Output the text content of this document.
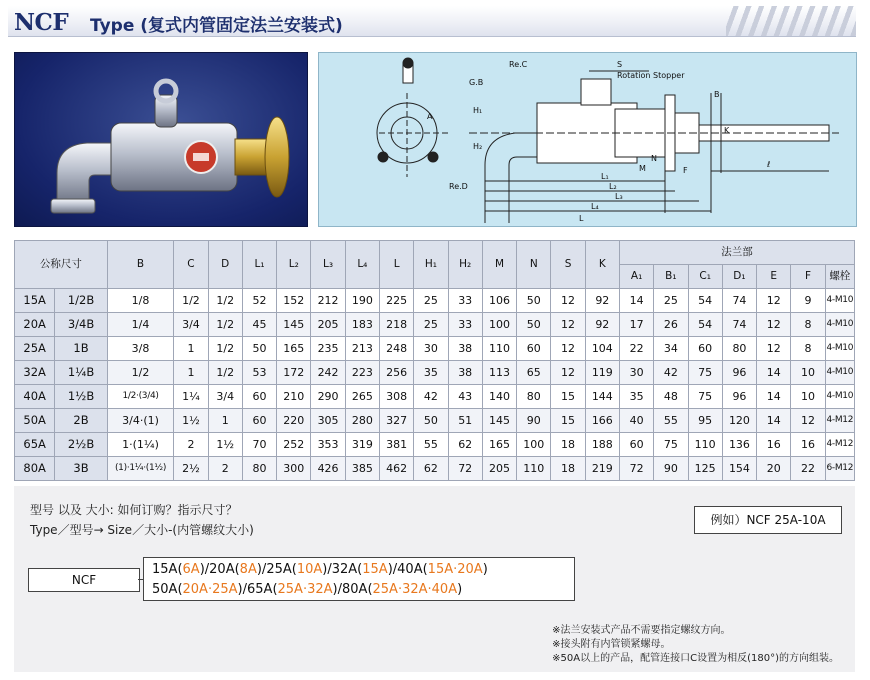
NCF Type (复式内管固定法兰安装式)
S
Rotation Stopper
Re.C
G.B
H₁
H₂
A
Re.D
B
K
M
N
F
L₁
L₂
L₃
L₄
L
ℓ
公称尺寸		B	C	D	L₁	L₂	L₃	L₄	L	H₁	H₂	M	N	S	K	法兰部						
																A₁	B₁	C₁	D₁	E	F	螺栓
15A	1/2B	1/8	1/2	1/2	52	152	212	190	225	25	33	106	50	12	92	14	25	54	74	12	9	4-M10
20A	3/4B	1/4	3/4	1/2	45	145	205	183	218	25	33	100	50	12	92	17	26	54	74	12	8	4-M10
25A	1B	3/8	1	1/2	50	165	235	213	248	30	38	110	60	12	104	22	34	60	80	12	8	4-M10
32A	1¼B	1/2	1	1/2	53	172	242	223	256	35	38	113	65	12	119	30	42	75	96	14	10	4-M10
40A	1½B	1/2·(3/4)	1¼	3/4	60	210	290	265	308	42	43	140	80	15	144	35	48	75	96	14	10	4-M10
50A	2B	3/4·(1)	1½	1	60	220	305	280	327	50	51	145	90	15	166	40	55	95	120	14	12	4-M12
65A	2½B	1·(1¼)	2	1½	70	252	353	319	381	55	62	165	100	18	188	60	75	110	136	16	16	4-M12
80A	3B	(1)·1¼·(1½)	2½	2	80	300	426	385	462	62	72	205	110	18	219	72	90	125	154	20	22	6-M12
型号 以及 大小: 如何订购？指示尺寸？
Type／型号→ Size／大小-(内管螺纹大小)
例如）NCF 25A-10A
NCF
15A(6A)/20A(8A)/25A(10A)/32A(15A)/40A(15A·20A)
50A(20A·25A)/65A(25A·32A)/80A(25A·32A·40A)
※法兰安装式产品不需要指定螺纹方向。
※接头附有内管锁紧螺母。
※50A以上的产品，配管连接口C设置为相反(180°)的方向组装。
